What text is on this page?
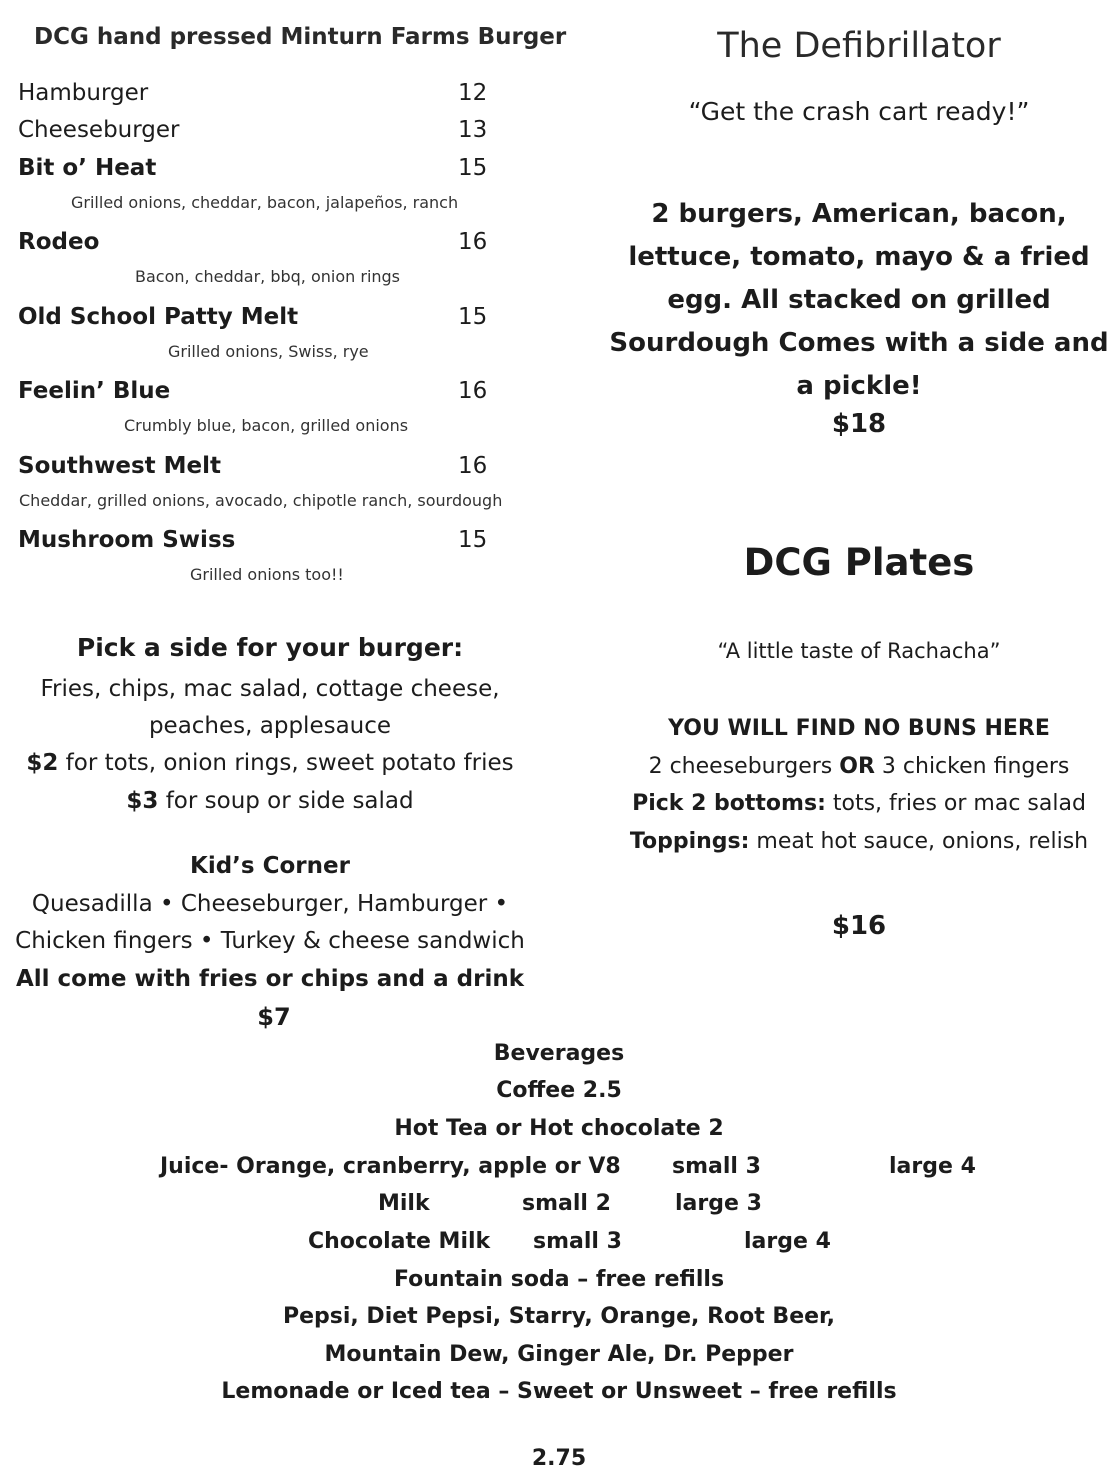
DCG hand pressed Minturn Farms Burger
Hamburger	12
Cheeseburger	13
Bit o’ Heat	15
Grilled onions, cheddar, bacon, jalapeños, ranch
Rodeo	16
Bacon, cheddar, bbq, onion rings
Old School Patty Melt	15
Grilled onions, Swiss, rye
Feelin’ Blue	16
Crumbly blue, bacon, grilled onions
Southwest Melt	16
Cheddar, grilled onions, avocado, chipotle ranch, sourdough
Mushroom Swiss	15
Grilled onions too!!
Pick a side for your burger:
Fries, chips, mac salad, cottage cheese,
peaches, applesauce
$2 for tots, onion rings, sweet potato fries
$3 for soup or side salad
Kid’s Corner
Quesadilla • Cheeseburger, Hamburger •
Chicken fingers • Turkey & cheese sandwich
All come with fries or chips and a drink
$7
The Defibrillator
“Get the crash cart ready!”
2 burgers, American, bacon, lettuce, tomato, mayo & a fried egg. All stacked on grilled Sourdough Comes with a side and a pickle!
$18
DCG Plates
“A little taste of Rachacha”
YOU WILL FIND NO BUNS HERE
2 cheeseburgers OR 3 chicken fingers
Pick 2 bottoms: tots, fries or mac salad
Toppings: meat hot sauce, onions, relish
$16
Beverages
Coffee 2.5
Hot Tea or Hot chocolate 2
Juice- Orange, cranberry, apple or V8 small 3	large 4
Milk	small 2	large 3
Chocolate Milk small 3	large 4
Fountain soda – free refills
Pepsi, Diet Pepsi, Starry, Orange, Root Beer,
Mountain Dew, Ginger Ale, Dr. Pepper
Lemonade or Iced tea – Sweet or Unsweet – free refills
2.75
